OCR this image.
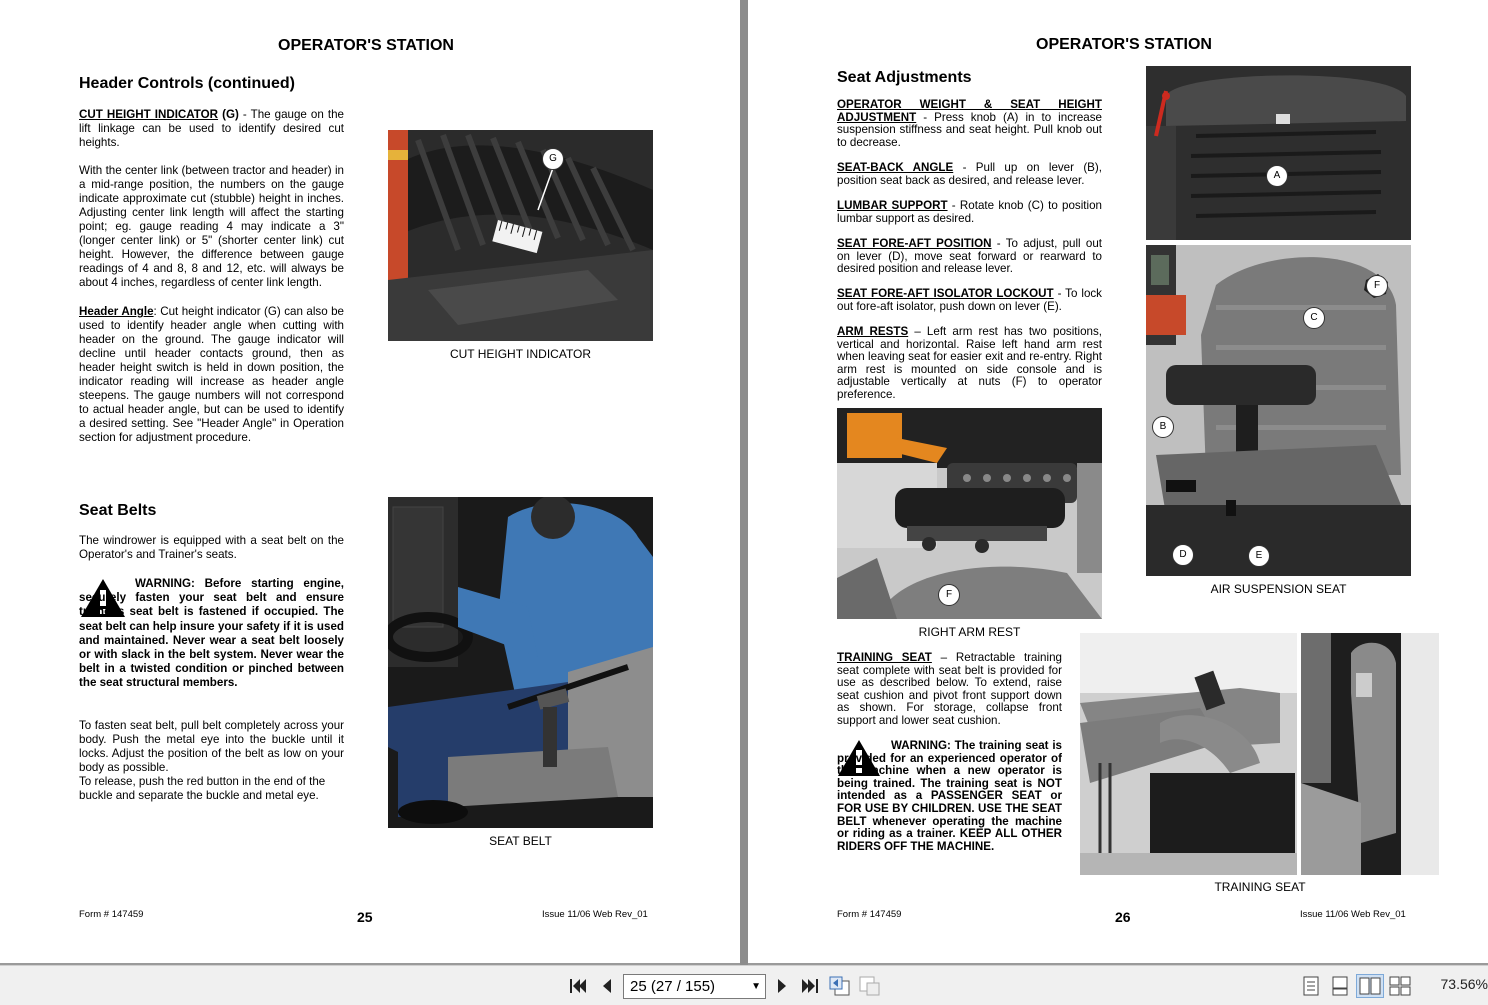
OPERATOR'S STATION
Header Controls (continued)
CUT HEIGHT INDICATOR (G) - The gauge on the lift linkage can be used to identify desired cut heights.
With the center link (between tractor and header) in a mid-range position, the numbers on the gauge indicate approximate cut (stubble) height in inches. Adjusting center link length will affect the starting point; eg. gauge reading 4 may indicate a 3" (longer center link) or 5" (shorter center link) cut height. However, the difference between gauge readings of 4 and 8, 8 and 12, etc. will always be about 4 inches, regardless of center link length.
Header Angle: Cut height indicator (G) can also be used to identify header angle when cutting with header on the ground. The gauge indicator will decline until header contacts ground, then as header height switch is held in down position, the indicator reading will increase as header angle steepens. The gauge numbers will not correspond to actual header angle, but can be used to identify a desired setting. See "Header Angle" in Operation section for adjustment procedure.
G
CUT HEIGHT INDICATOR
Seat Belts
The windrower is equipped with a seat belt on the Operator's and Trainer's seats.
WARNING: Before starting engine, securely fasten your seat belt and ensure trainer's seat belt is fastened if occupied. The seat belt can help insure your safety if it is used and maintained. Never wear a seat belt loosely or with slack in the belt system. Never wear the belt in a twisted condition or pinched between the seat structural members.
To fasten seat belt, pull belt completely across your body. Push the metal eye into the buckle until it locks. Adjust the position of the belt as low on your body as possible.
To release, push the red button in the end of the buckle and separate the buckle and metal eye.
SEAT BELT
Form # 147459	25	Issue 11/06 Web Rev_01
OPERATOR'S STATION
Seat Adjustments
OPERATOR WEIGHT & SEAT HEIGHT ADJUSTMENT - Press knob (A) in to increase suspension stiffness and seat height. Pull knob out to decrease.
SEAT-BACK ANGLE - Pull up on lever (B), position seat back as desired, and release lever.
LUMBAR SUPPORT - Rotate knob (C) to position lumbar support as desired.
SEAT FORE-AFT POSITION - To adjust, pull out on lever (D), move seat forward or rearward to desired position and release lever.
SEAT FORE-AFT ISOLATOR LOCKOUT - To lock out fore-aft isolator, push down on lever (E).
ARM RESTS – Left arm rest has two positions, vertical and horizontal. Raise left hand arm rest when leaving seat for easier exit and re-entry. Right arm rest is mounted on side console and is adjustable vertically at nuts (F) to operator preference.
F
RIGHT ARM REST
A
C
B
D	E
F
AIR SUSPENSION SEAT
TRAINING SEAT – Retractable training seat complete with seat belt is provided for use as described below. To extend, raise seat cushion and pivot front support down as shown. For storage, collapse front support and lower seat cushion.
WARNING: The training seat is provided for an experienced operator of the machine when a new operator is being trained. The training seat is NOT intended as a PASSENGER SEAT or FOR USE BY CHILDREN. USE THE SEAT BELT whenever operating the machine or riding as a trainer. KEEP ALL OTHER RIDERS OFF THE MACHINE.
TRAINING SEAT
Form # 147459	26	Issue 11/06 Web Rev_01
25 (27 / 155)	▼	73.56%
